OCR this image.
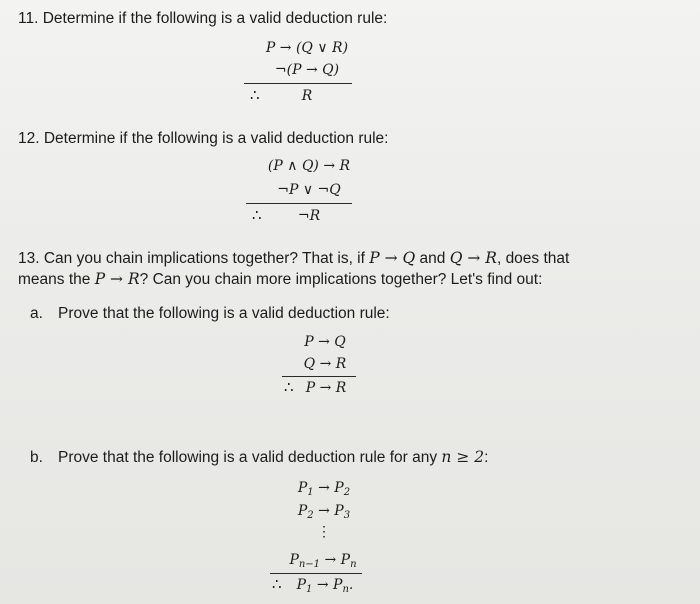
11. Determine if the following is a valid deduction rule:
P → (Q ∨ R)
¬(P → Q)
∴	R
12. Determine if the following is a valid deduction rule:
(P ∧ Q) → R
¬P ∨ ¬Q
∴	¬R
13. Can you chain implications together? That is, if P → Q and Q → R, does that
means the P → R? Can you chain more implications together? Let's find out:
a. Prove that the following is a valid deduction rule:
P → Q
Q → R
∴ P → R
b. Prove that the following is a valid deduction rule for any n ≥ 2:
$P_1 \to P_2$
$P_2 \to P_3$
⋮
$P_{n-1} \to P_n$
∴	$P_1 \to P_n$.
